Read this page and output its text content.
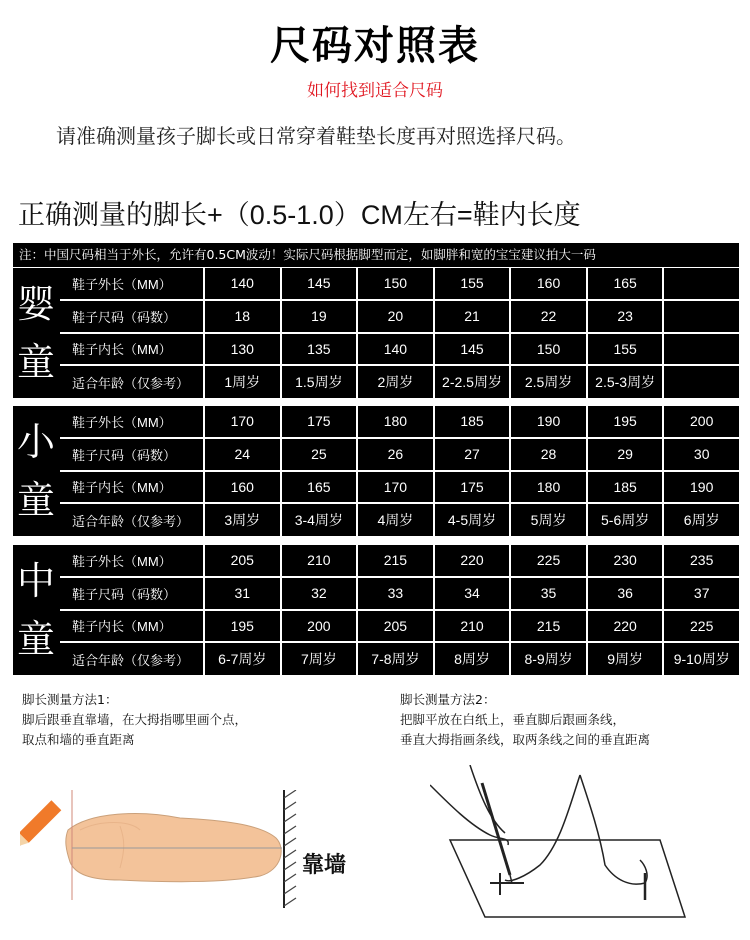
尺码对照表
如何找到适合尺码
请准确测量孩子脚长或日常穿着鞋垫长度再对照选择尺码。
正确测量的脚长+（0.5-1.0）CM左右=鞋内长度
注：中国尺码相当于外长，允许有0.5CM波动！实际尺码根据脚型而定，如脚胖和宽的宝宝建议拍大一码
婴
童
鞋子外长（MM）	140	145	150	155	160	165
鞋子尺码（码数）	18	19	20	21	22	23
鞋子内长（MM）	130	135	140	145	150	155
适合年龄（仅参考）	1周岁	1.5周岁	2周岁	2-2.5周岁	2.5周岁	2.5-3周岁
小
童
鞋子外长（MM）	170	175	180	185	190	195	200
鞋子尺码（码数）	24	25	26	27	28	29	30
鞋子内长（MM）	160	165	170	175	180	185	190
适合年龄（仅参考）	3周岁	3-4周岁	4周岁	4-5周岁	5周岁	5-6周岁	6周岁
中
童
鞋子外长（MM）	205	210	215	220	225	230	235
鞋子尺码（码数）	31	32	33	34	35	36	37
鞋子内长（MM）	195	200	205	210	215	220	225
适合年龄（仅参考）	6-7周岁	7周岁	7-8周岁	8周岁	8-9周岁	9周岁	9-10周岁
脚长测量方法1：
脚后跟垂直靠墙，在大拇指哪里画个点，
取点和墙的垂直距离
脚长测量方法2：
把脚平放在白纸上，垂直脚后跟画条线，
垂直大拇指画条线，取两条线之间的垂直距离
靠墙
